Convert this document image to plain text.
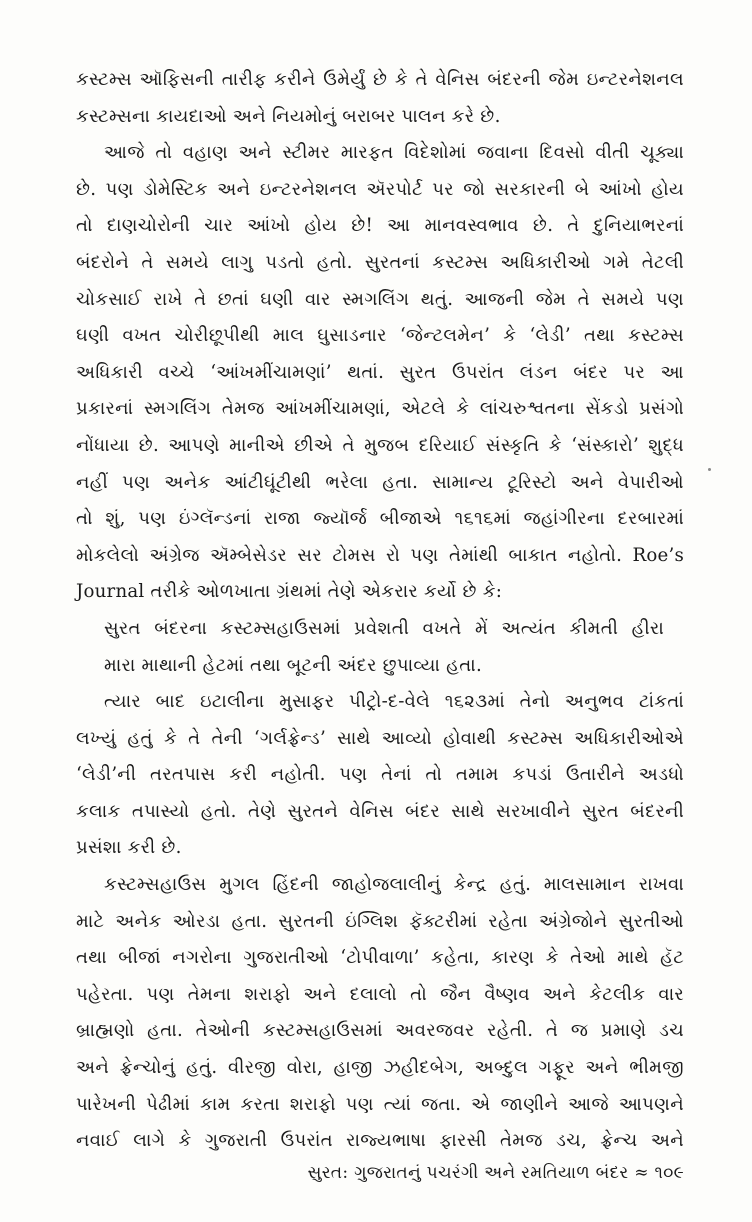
કસ્ટમ્સ ઑફિસની તારીફ કરીને ઉમેર્યું છે કે તે વેનિસ બંદરની જેમ ઇન્ટરનેશનલ
કસ્ટમ્સના કાયદાઓ અને નિયમોનું બરાબર પાલન કરે છે.
આજે તો વહાણ અને સ્ટીમર મારફત વિદેશોમાં જવાના દિવસો વીતી ચૂક્યા
છે. પણ ડોમેસ્ટિક અને ઇન્ટરનેશનલ ઍરપોર્ટ પર જો સરકારની બે આંખો હોય
તો દાણચોરોની ચાર આંખો હોય છે! આ માનવસ્વભાવ છે. તે દુનિયાભરનાં
બંદરોને તે સમયે લાગુ પડતો હતો. સુરતનાં કસ્ટમ્સ અધિકારીઓ ગમે તેટલી
ચોકસાઈ રાખે તે છતાં ઘણી વાર સ્મગલિંગ થતું. આજની જેમ તે સમયે પણ
ઘણી વખત ચોરીછૂપીથી માલ ઘુસાડનાર ‘જેન્ટલમેન’ કે ‘લેડી’ તથા કસ્ટમ્સ
અધિકારી વચ્ચે ‘આંખમીંચામણાં’ થતાં. સુરત ઉપરાંત લંડન બંદર પર આ
પ્રકારનાં સ્મગલિંગ તેમજ આંખમીંચામણાં, એટલે કે લાંચરુશ્વતના સેંકડો પ્રસંગો
નોંધાયા છે. આપણે માનીએ છીએ તે મુજબ દરિયાઈ સંસ્કૃતિ કે ‘સંસ્કારો’ શુદ્ધ
નહીં પણ અનેક આંટીઘૂંટીથી ભરેલા હતા. સામાન્ય ટૂરિસ્ટો અને વેપારીઓ
તો શું, પણ ઇંગ્લૅન્ડનાં રાજા જ્યૉર્જ બીજાએ ૧૬૧૬માં જહાંગીરના દરબારમાં
મોકલેલો અંગ્રેજ ઍમ્બેસેડર સર ટોમસ રો પણ તેમાંથી બાકાત નહોતો. Roe’s
Journal તરીકે ઓળખાતા ગ્રંથમાં તેણે એકરાર કર્યો છે કે:
સુરત બંદરના કસ્ટમ્સહાઉસમાં પ્રવેશતી વખતે મેં અત્યંત કીમતી હીરા
મારા માથાની હેટમાં તથા બૂટની અંદર છુપાવ્યા હતા.
ત્યાર બાદ ઇટાલીના મુસાફર પીટ્રો-દ-વેલે ૧૬૨૩માં તેનો અનુભવ ટાંકતાં
લખ્યું હતું કે તે તેની ‘ગર્લફ્રેન્ડ’ સાથે આવ્યો હોવાથી કસ્ટમ્સ અધિકારીઓએ
‘લેડી’ની તરતપાસ કરી નહોતી. પણ તેનાં તો તમામ કપડાં ઉતારીને અડધો
કલાક તપાસ્યો હતો. તેણે સુરતને વેનિસ બંદર સાથે સરખાવીને સુરત બંદરની
પ્રસંશા કરી છે.
કસ્ટમ્સહાઉસ મુગલ હિંદની જાહોજલાલીનું કેન્દ્ર હતું. માલસામાન રાખવા
માટે અનેક ઓરડા હતા. સુરતની ઇંગ્લિશ ફૅક્ટરીમાં રહેતા અંગ્રેજોને સુરતીઓ
તથા બીજાં નગરોના ગુજરાતીઓ ‘ટોપીવાળા’ કહેતા, કારણ કે તેઓ માથે હૅટ
પહેરતા. પણ તેમના શરાફો અને દલાલો તો જૈન વૈષ્ણવ અને કેટલીક વાર
બ્રાહ્મણો હતા. તેઓની કસ્ટમ્સહાઉસમાં અવરજવર રહેતી. તે જ પ્રમાણે ડચ
અને ફ્રેન્ચોનું હતું. વીરજી વોરા, હાજી ઝહીદબેગ, અબ્દુલ ગફૂર અને ભીમજી
પારેખની પેઢીમાં કામ કરતા શરાફો પણ ત્યાં જતા. એ જાણીને આજે આપણને
નવાઈ લાગે કે ગુજરાતી ઉપરાંત રાજ્યભાષા ફારસી તેમજ ડચ, ફ્રેન્ચ અને
સુરત: ગુજરાતનું પચરંગી અને રમતિયાળ બંદર ≈ ૧૦૯
